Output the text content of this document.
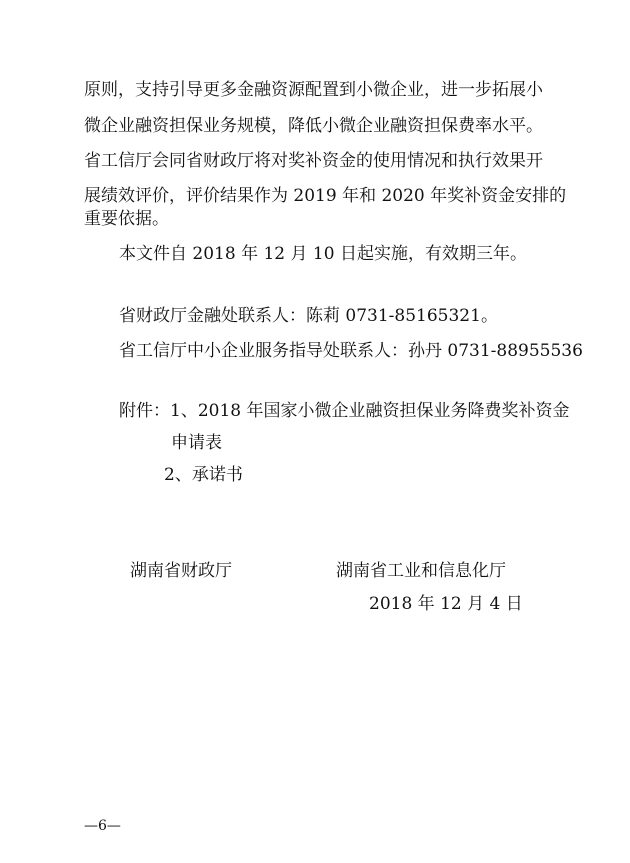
原则，支持引导更多金融资源配置到小微企业，进一步拓展小
微企业融资担保业务规模，降低小微企业融资担保费率水平。
省工信厅会同省财政厅将对奖补资金的使用情况和执行效果开
展绩效评价，评价结果作为 2019 年和 2020 年奖补资金安排的
重要依据。
本文件自 2018 年 12 月 10 日起实施，有效期三年。
省财政厅金融处联系人：陈莉 0731-85165321。
省工信厅中小企业服务指导处联系人：孙丹 0731-88955536
附件：1、2018 年国家小微企业融资担保业务降费奖补资金
申请表
2、承诺书
湖南省财政厅	湖南省工业和信息化厅
2018 年 12 月 4 日
—6—
